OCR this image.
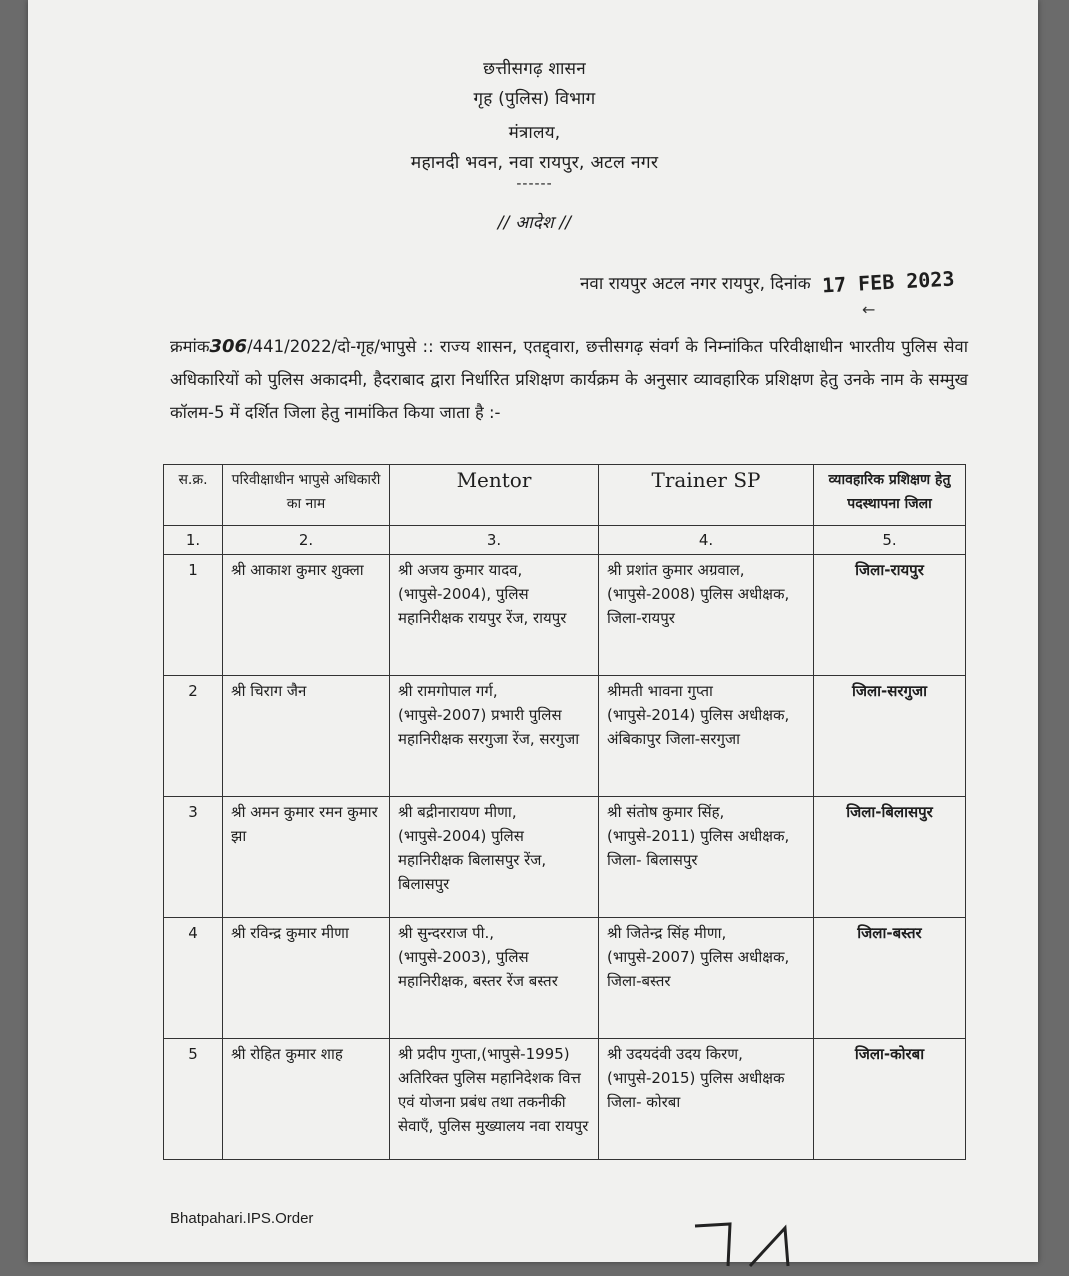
छत्तीसगढ़ शासन
गृह (पुलिस) विभाग
मंत्रालय,
महानदी भवन, नवा रायपुर, अटल नगर
------
// आदेश //
नवा रायपुर अटल नगर रायपुर, दिनांक 17 FEB 2023
←
क्रमांक306/441/2022/दो-गृह/भापुसे :: राज्य शासन, एतद्द्वारा, छत्तीसगढ़ संवर्ग के निम्नांकित परिवीक्षाधीन भारतीय पुलिस सेवा अधिकारियों को पुलिस अकादमी, हैदराबाद द्वारा निर्धारित प्रशिक्षण कार्यक्रम के अनुसार व्यावहारिक प्रशिक्षण हेतु उनके नाम के सम्मुख कॉलम-5 में दर्शित जिला हेतु नामांकित किया जाता है :-
स.क्र.	परिवीक्षाधीन भापुसे अधिकारी का नाम	Mentor	Trainer SP	व्यावहारिक प्रशिक्षण हेतु पदस्थापना जिला
1.	2.	3.	4.	5.
1	श्री आकाश कुमार शुक्ला	श्री अजय कुमार यादव, (भापुसे-2004), पुलिस महानिरीक्षक रायपुर रेंज, रायपुर	श्री प्रशांत कुमार अग्रवाल, (भापुसे-2008) पुलिस अधीक्षक, जिला-रायपुर	जिला-रायपुर
2	श्री चिराग जैन	श्री रामगोपाल गर्ग, (भापुसे-2007) प्रभारी पुलिस महानिरीक्षक सरगुजा रेंज, सरगुजा	श्रीमती भावना गुप्ता (भापुसे-2014) पुलिस अधीक्षक, अंबिकापुर जिला-सरगुजा	जिला-सरगुजा
3	श्री अमन कुमार रमन कुमार झा	श्री बद्रीनारायण मीणा, (भापुसे-2004) पुलिस महानिरीक्षक बिलासपुर रेंज, बिलासपुर	श्री संतोष कुमार सिंह, (भापुसे-2011) पुलिस अधीक्षक, जिला- बिलासपुर	जिला-बिलासपुर
4	श्री रविन्द्र कुमार मीणा	श्री सुन्दरराज पी., (भापुसे-2003), पुलिस महानिरीक्षक, बस्तर रेंज बस्तर	श्री जितेन्द्र सिंह मीणा, (भापुसे-2007) पुलिस अधीक्षक, जिला-बस्तर	जिला-बस्तर
5	श्री रोहित कुमार शाह	श्री प्रदीप गुप्ता,(भापुसे-1995) अतिरिक्त पुलिस महानिदेशक वित्त एवं योजना प्रबंध तथा तकनीकी सेवाएँ, पुलिस मुख्यालय नवा रायपुर	श्री उदयदंवी उदय किरण, (भापुसे-2015) पुलिस अधीक्षक जिला- कोरबा	जिला-कोरबा
Bhatpahari.IPS.Order
